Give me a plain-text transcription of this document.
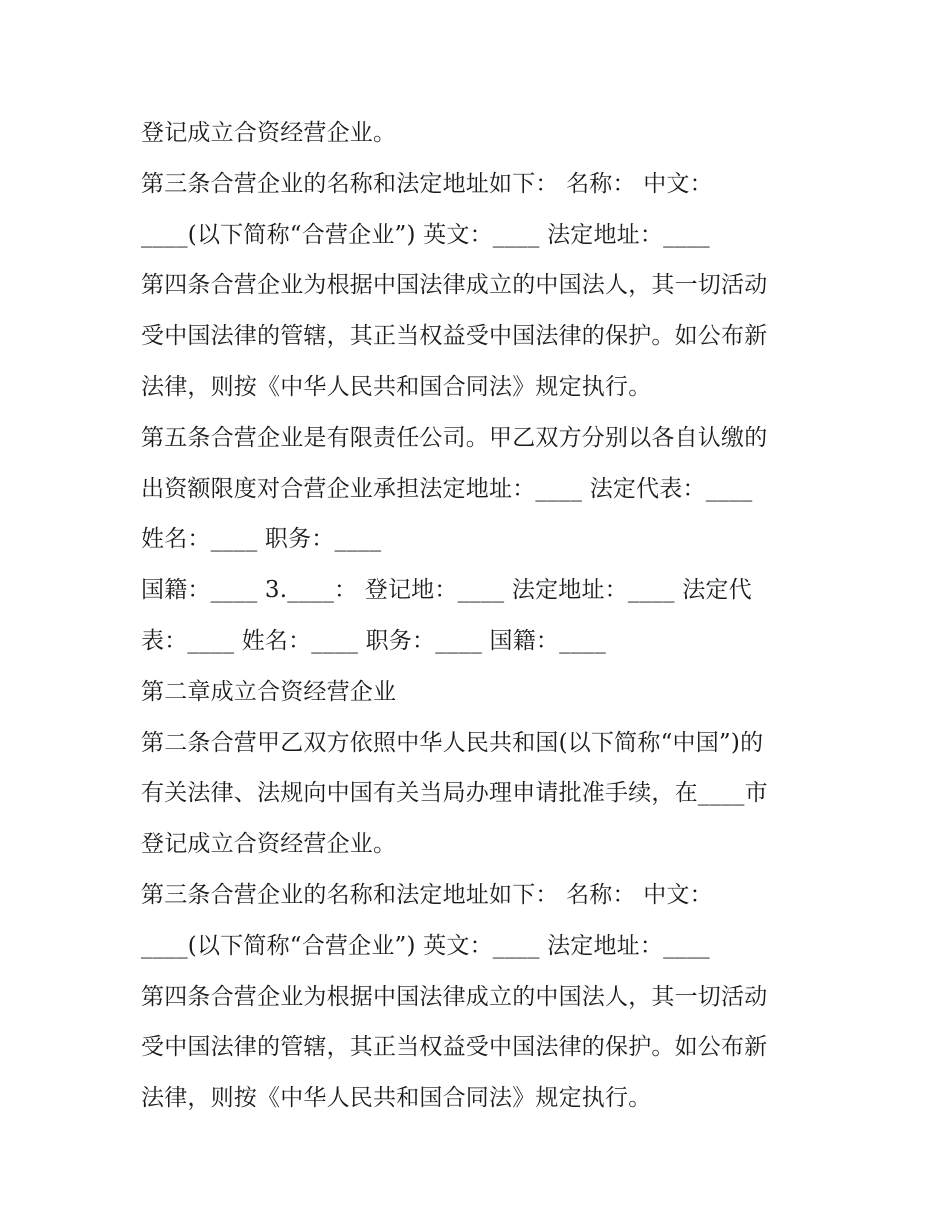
登记成立合资经营企业。
第三条合营企业的名称和法定地址如下： 名称： 中文：
____(以下简称“合营企业”) 英文：____ 法定地址：____
第四条合营企业为根据中国法律成立的中国法人，其一切活动
受中国法律的管辖，其正当权益受中国法律的保护。如公布新
法律，则按《中华人民共和国合同法》规定执行。
第五条合营企业是有限责任公司。甲乙双方分别以各自认缴的
出资额限度对合营企业承担法定地址：____ 法定代表：____
姓名：____ 职务：____
国籍：____ 3.____： 登记地：____ 法定地址：____ 法定代
表：____ 姓名：____ 职务：____ 国籍：____
第二章成立合资经营企业
第二条合营甲乙双方依照中华人民共和国(以下简称“中国”)的
有关法律、法规向中国有关当局办理申请批准手续，在____市
登记成立合资经营企业。
第三条合营企业的名称和法定地址如下： 名称： 中文：
____(以下简称“合营企业”) 英文：____ 法定地址：____
第四条合营企业为根据中国法律成立的中国法人，其一切活动
受中国法律的管辖，其正当权益受中国法律的保护。如公布新
法律，则按《中华人民共和国合同法》规定执行。
